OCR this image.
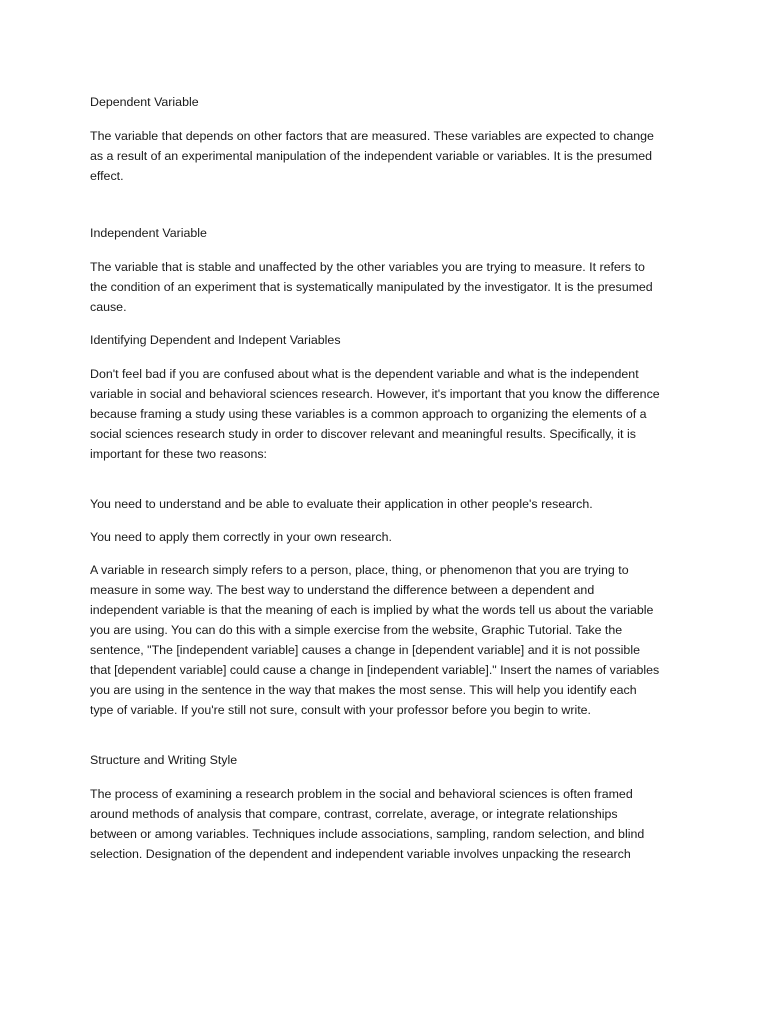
Dependent Variable

The variable that depends on other factors that are measured. These variables are expected to change as a result of an experimental manipulation of the independent variable or variables. It is the presumed effect.

Independent Variable

The variable that is stable and unaffected by the other variables you are trying to measure. It refers to the condition of an experiment that is systematically manipulated by the investigator. It is the presumed cause.

Identifying Dependent and Indepent Variables

Don't feel bad if you are confused about what is the dependent variable and what is the independent variable in social and behavioral sciences research. However, it's important that you know the difference because framing a study using these variables is a common approach to organizing the elements of a social sciences research study in order to discover relevant and meaningful results. Specifically, it is important for these two reasons:

You need to understand and be able to evaluate their application in other people's research.

You need to apply them correctly in your own research.

A variable in research simply refers to a person, place, thing, or phenomenon that you are trying to measure in some way. The best way to understand the difference between a dependent and independent variable is that the meaning of each is implied by what the words tell us about the variable you are using. You can do this with a simple exercise from the website, Graphic Tutorial. Take the sentence, "The [independent variable] causes a change in [dependent variable] and it is not possible that [dependent variable] could cause a change in [independent variable]." Insert the names of variables you are using in the sentence in the way that makes the most sense. This will help you identify each type of variable. If you're still not sure, consult with your professor before you begin to write.

Structure and Writing Style

The process of examining a research problem in the social and behavioral sciences is often framed around methods of analysis that compare, contrast, correlate, average, or integrate relationships between or among variables. Techniques include associations, sampling, random selection, and blind selection. Designation of the dependent and independent variable involves unpacking the research
